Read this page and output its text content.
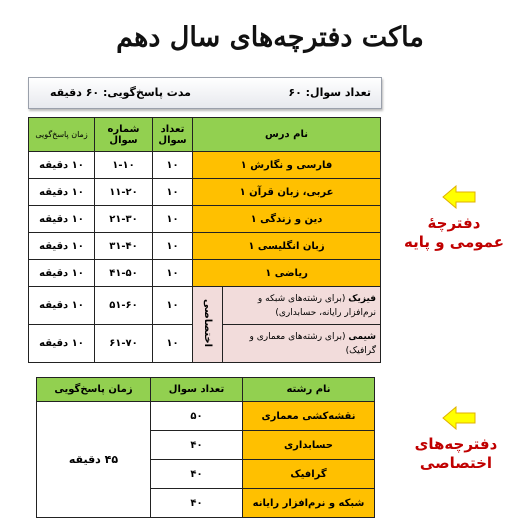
ماکت دفترچه‌های سال دهم
تعداد سوال: ۶۰
مدت پاسخ‌گویی: ۶۰ دقیقه
نام درس		تعداد سوال	شماره سوال	زمان پاسخ‌گویی
فارسی و نگارش ۱		۱۰	۱-۱۰	۱۰ دقیقه
عربی، زبان قرآن ۱		۱۰	۱۱-۲۰	۱۰ دقیقه
دین و زندگی ۱		۱۰	۲۱-۳۰	۱۰ دقیقه
زبان انگلیسی ۱		۱۰	۳۱-۴۰	۱۰ دقیقه
ریاضی ۱		۱۰	۴۱-۵۰	۱۰ دقیقه
فیزیک (برای رشته‌های شبکه و نرم‌افزار رایانه، حسابداری)	اختصاصی	۱۰	۵۱-۶۰	۱۰ دقیقه
شیمی (برای رشته‌های معماری و گرافیک)		۱۰	۶۱-۷۰	۱۰ دقیقه
نام رشته	تعداد سوال	زمان پاسخ‌گویی
نقشه‌کشی معماری	۵۰	۴۵ دقیقه
حسابداری	۴۰	
گرافیک	۴۰	
شبکه و نرم‌افزار رایانه	۴۰	
دفترچهٔ عمومی و پایه
دفترچه‌های اختصاصی
